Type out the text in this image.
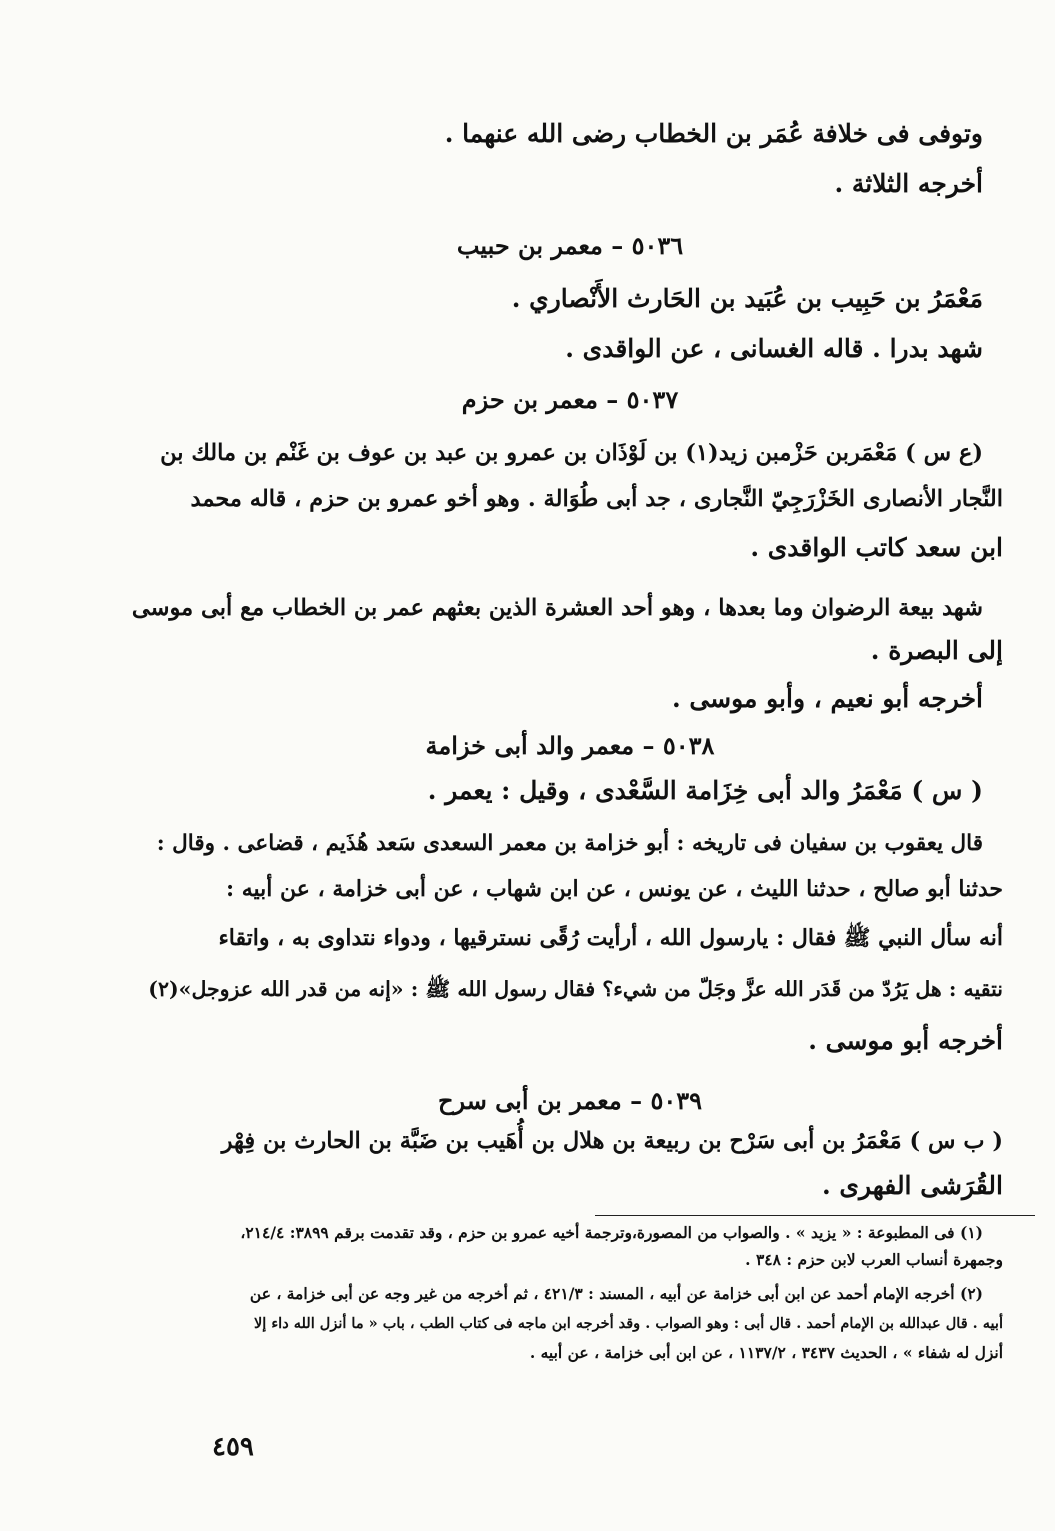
وتوفى فى خلافة عُمَر بن الخطاب رضى الله عنهما .
أخرجه الثلاثة .
٥٠٣٦ – معمر بن حبيب
مَعْمَرُ بن حَبِيب بن عُبَيد بن الحَارث الأَنْصاري .
شهد بدرا . قاله الغسانى ، عن الواقدى .
٥٠٣٧ – معمر بن حزم
(ع س ) مَعْمَربن حَزْمبن زيد(١) بن لَوْذَان بن عمرو بن عبد بن عوف بن غَنْم بن مالك بن
النَّجار الأنصارى الخَزْرَجِيّ النَّجارى ، جد أبى طُوَالة . وهو أخو عمرو بن حزم ، قاله محمد
ابن سعد كاتب الواقدى .
شهد بيعة الرضوان وما بعدها ، وهو أحد العشرة الذين بعثهم عمر بن الخطاب مع أبى موسى
إلى البصرة .
أخرجه أبو نعيم ، وأبو موسى .
٥٠٣٨ – معمر والد أبى خزامة
( س ) مَعْمَرُ والد أبى خِزَامة السَّعْدى ، وقيل : يعمر .
قال يعقوب بن سفيان فى تاريخه : أبو خزامة بن معمر السعدى سَعد هُذَيم ، قضاعى . وقال :
حدثنا أبو صالح ، حدثنا الليث ، عن يونس ، عن ابن شهاب ، عن أبى خزامة ، عن أبيه :
أنه سأل النبي ﷺ فقال : يارسول الله ، أرأيت رُقًى نسترقيها ، ودواء نتداوى به ، واتقاء
نتقيه : هل يَرُدّ من قَدَر الله عزَّ وجَلّ من شيء؟ فقال رسول الله ﷺ : «إنه من قدر الله عزوجل»(٢)
أخرجه أبو موسى .
٥٠٣٩ – معمر بن أبى سرح
( ب س ) مَعْمَرُ بن أبى سَرْح بن ربيعة بن هلال بن أُهَيب بن ضَبَّة بن الحارث بن فِهْر
القُرَشى الفهرى .
(١) فى المطبوعة : « يزيد » . والصواب من المصورة،وترجمة أخيه عمرو بن حزم ، وقد تقدمت برقم ٣٨٩٩: ٢١٤/٤،
وجمهرة أنساب العرب لابن حزم : ٣٤٨ .
(٢) أخرجه الإمام أحمد عن ابن أبى خزامة عن أبيه ، المسند : ٤٢١/٣ ، ثم أخرجه من غير وجه عن أبى خزامة ، عن
أبيه . قال عبدالله بن الإمام أحمد . قال أبى : وهو الصواب . وقد أخرجه ابن ماجه فى كتاب الطب ، باب « ما أنزل الله داء إلا
أنزل له شفاء » ، الحديث ٣٤٣٧ ، ١١٣٧/٢ ، عن ابن أبى خزامة ، عن أبيه .
٤٥٩
